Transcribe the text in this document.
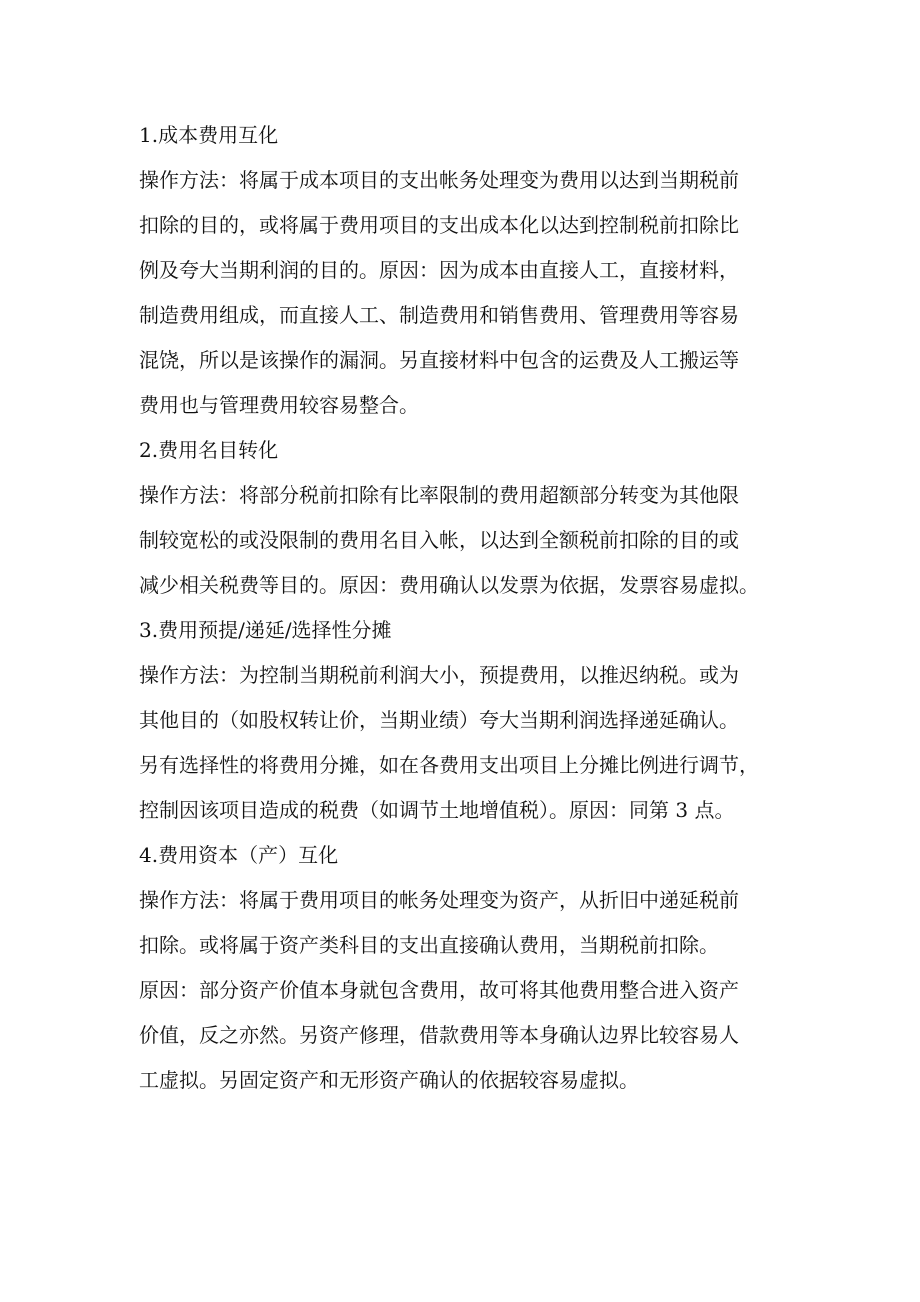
1.成本费用互化
操作方法：将属于成本项目的支出帐务处理变为费用以达到当期税前
扣除的目的，或将属于费用项目的支出成本化以达到控制税前扣除比
例及夸大当期利润的目的。原因：因为成本由直接人工，直接材料，
制造费用组成，而直接人工、制造费用和销售费用、管理费用等容易
混饶，所以是该操作的漏洞。另直接材料中包含的运费及人工搬运等
费用也与管理费用较容易整合。
2.费用名目转化
操作方法：将部分税前扣除有比率限制的费用超额部分转变为其他限
制较宽松的或没限制的费用名目入帐，以达到全额税前扣除的目的或
减少相关税费等目的。原因：费用确认以发票为依据，发票容易虚拟。
3.费用预提/递延/选择性分摊
操作方法：为控制当期税前利润大小，预提费用，以推迟纳税。或为
其他目的（如股权转让价，当期业绩）夸大当期利润选择递延确认。
另有选择性的将费用分摊，如在各费用支出项目上分摊比例进行调节，
控制因该项目造成的税费（如调节土地增值税）。原因：同第 3 点。
4.费用资本（产）互化
操作方法：将属于费用项目的帐务处理变为资产，从折旧中递延税前
扣除。或将属于资产类科目的支出直接确认费用，当期税前扣除。
原因：部分资产价值本身就包含费用，故可将其他费用整合进入资产
价值，反之亦然。另资产修理，借款费用等本身确认边界比较容易人
工虚拟。另固定资产和无形资产确认的依据较容易虚拟。
